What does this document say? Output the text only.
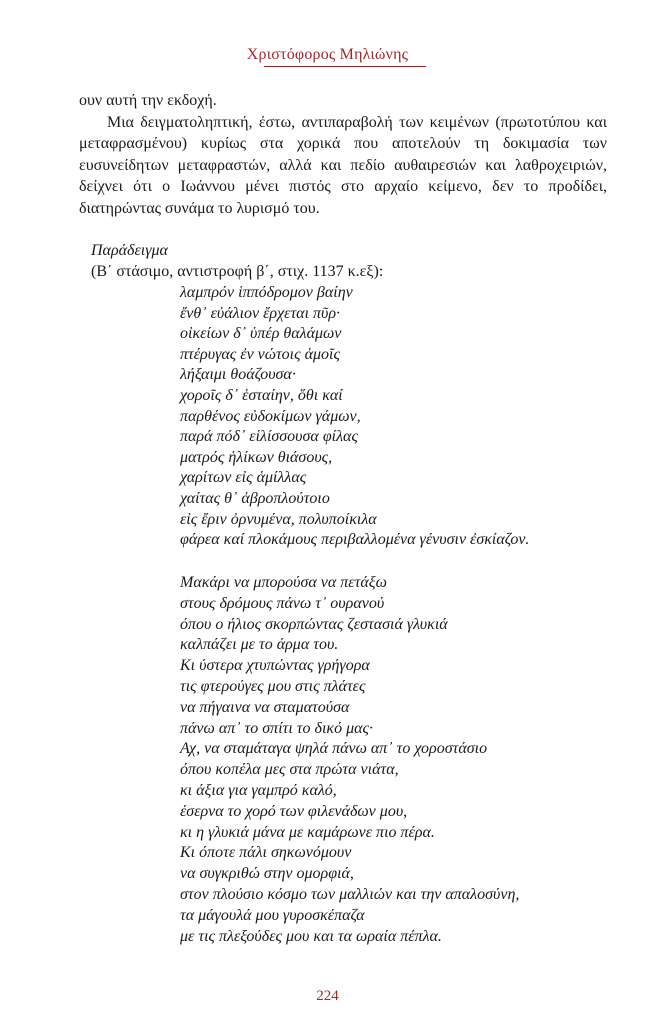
Χριστόφορος Μηλιώνης

ουν αυτή την εκδοχή.

Μια δειγματοληπτική, έστω, αντιπαραβολή των κειμένων (πρωτοτύπου και μεταφρασμένου) κυρίως στα χορικά που αποτελούν τη δοκιμασία των ευσυνείδητων μεταφραστών, αλλά και πεδίο αυθαιρεσιών και λαθροχειριών, δείχνει ότι ο Ιωάννου μένει πιστός στο αρχαίο κείμενο, δεν το προδίδει, διατηρώντας συνάμα το λυρισμό του.

Παράδειγμα
(Β΄ στάσιμο, αντιστροφή β΄, στιχ. 1137 κ.εξ):
λαμπρόν ἱππόδρομον βαίην
ἔνθ᾽ εὐάλιον ἔρχεται πῦρ·
οἰκείων δ᾽ ὑπέρ θαλάμων
πτέρυγας ἐν νώτοις ἁμοῖς
λήξαιμι θοάζουσα·
χοροῖς δ᾽ ἑσταίην, ὅθι καί
παρθένος εὐδοκίμων γάμων,
παρά πόδ᾽ εἱλίσσουσα φίλας
ματρός ἡλίκων θιάσους,
χαρίτων εἰς ἁμίλλας
χαίτας θ᾽ ἁβροπλούτοιο
εἰς ἔριν ὀρνυμένα, πολυποίκιλα
φάρεα καί πλοκάμους περιβαλλομένα γένυσιν ἐσκίαζον.
Μακάρι να μπορούσα να πετάξω
στους δρόμους πάνω τ᾽ ουρανού
όπου ο ήλιος σκορπώντας ζεστασιά γλυκιά
καλπάζει με το άρμα του.
Κι ύστερα χτυπώντας γρήγορα
τις φτερούγες μου στις πλάτες
να πήγαινα να σταματούσα
πάνω απ᾽ το σπίτι το δικό μας·
Αχ, να σταμάταγα ψηλά πάνω απ᾽ το χοροστάσιο
όπου κοπέλα μες στα πρώτα νιάτα,
κι άξια για γαμπρό καλό,
έσερνα το χορό των φιλενάδων μου,
κι η γλυκιά μάνα με καμάρωνε πιο πέρα.
Κι όποτε πάλι σηκωνόμουν
να συγκριθώ στην ομορφιά,
στον πλούσιο κόσμο των μαλλιών και την απαλοσύνη,
τα μάγουλά μου γυροσκέπαζα
με τις πλεξούδες μου και τα ωραία πέπλα.
224
